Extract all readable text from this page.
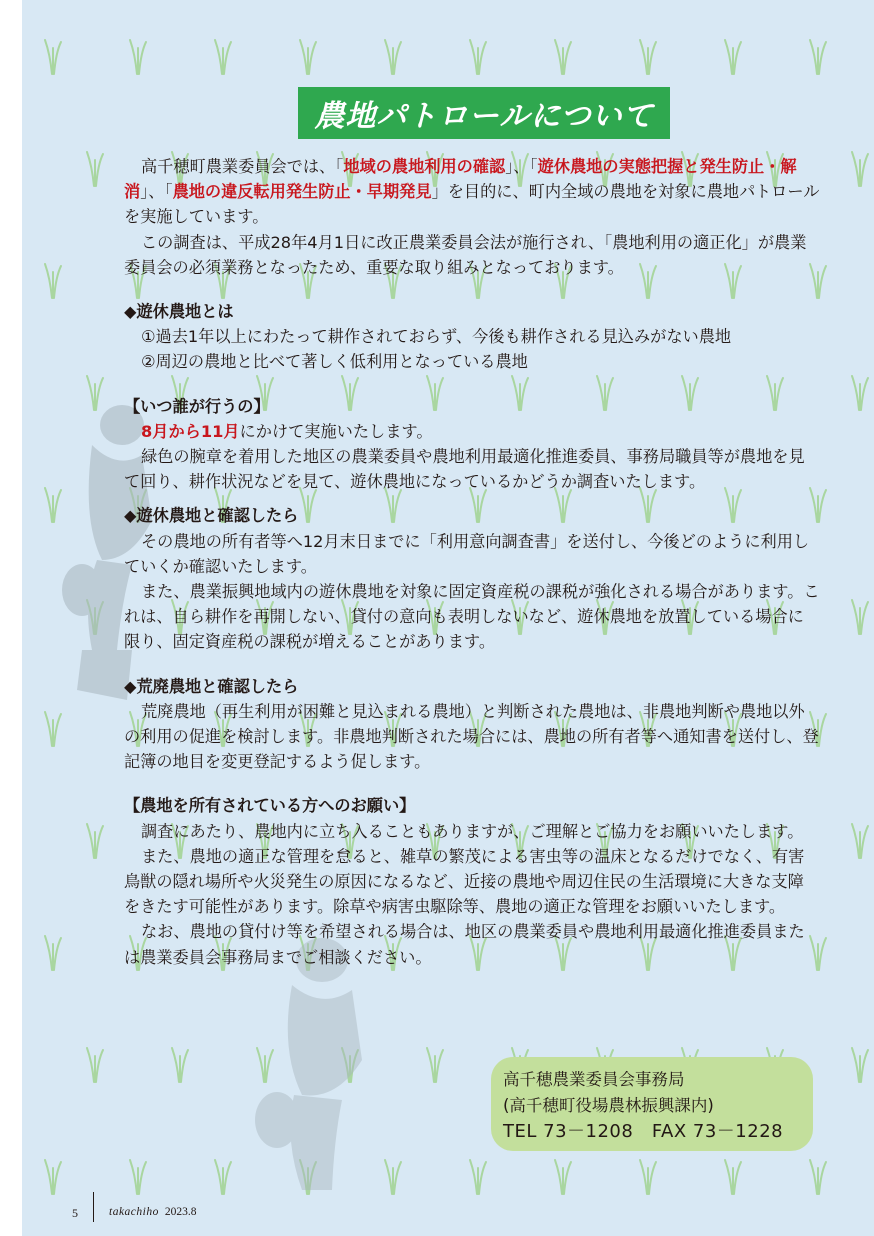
農地パトロールについて

高千穂町農業委員会では、「地域の農地利用の確認」、「遊休農地の実態把握と発生防止・解消」、「農地の違反転用発生防止・早期発見」を目的に、町内全域の農地を対象に農地パトロールを実施しています。

この調査は、平成28年4月1日に改正農業委員会法が施行され、「農地利用の適正化」が農業委員会の必須業務となったため、重要な取り組みとなっております。

◆遊休農地とは

①過去1年以上にわたって耕作されておらず、今後も耕作される見込みがない農地

②周辺の農地と比べて著しく低利用となっている農地

【いつ誰が行うの】

8月から11月にかけて実施いたします。

緑色の腕章を着用した地区の農業委員や農地利用最適化推進委員、事務局職員等が農地を見て回り、耕作状況などを見て、遊休農地になっているかどうか調査いたします。

◆遊休農地と確認したら

その農地の所有者等へ12月末日までに「利用意向調査書」を送付し、今後どのように利用していくか確認いたします。

また、農業振興地域内の遊休農地を対象に固定資産税の課税が強化される場合があります。これは、自ら耕作を再開しない、貸付の意向も表明しないなど、遊休農地を放置している場合に限り、固定資産税の課税が増えることがあります。

◆荒廃農地と確認したら

荒廃農地（再生利用が困難と見込まれる農地）と判断された農地は、非農地判断や農地以外の利用の促進を検討します。非農地判断された場合には、農地の所有者等へ通知書を送付し、登記簿の地目を変更登記するよう促します。

【農地を所有されている方へのお願い】

調査にあたり、農地内に立ち入ることもありますが、ご理解とご協力をお願いいたします。

また、農地の適正な管理を怠ると、雑草の繁茂による害虫等の温床となるだけでなく、有害鳥獣の隠れ場所や火災発生の原因になるなど、近接の農地や周辺住民の生活環境に大きな支障をきたす可能性があります。除草や病害虫駆除等、農地の適正な管理をお願いいたします。

なお、農地の貸付け等を希望される場合は、地区の農業委員や農地利用最適化推進委員または農業委員会事務局までご相談ください。

高千穂農業委員会事務局
(高千穂町役場農林振興課内)
TEL 73－1208　FAX 73－1228
5	takachiho 2023.8
